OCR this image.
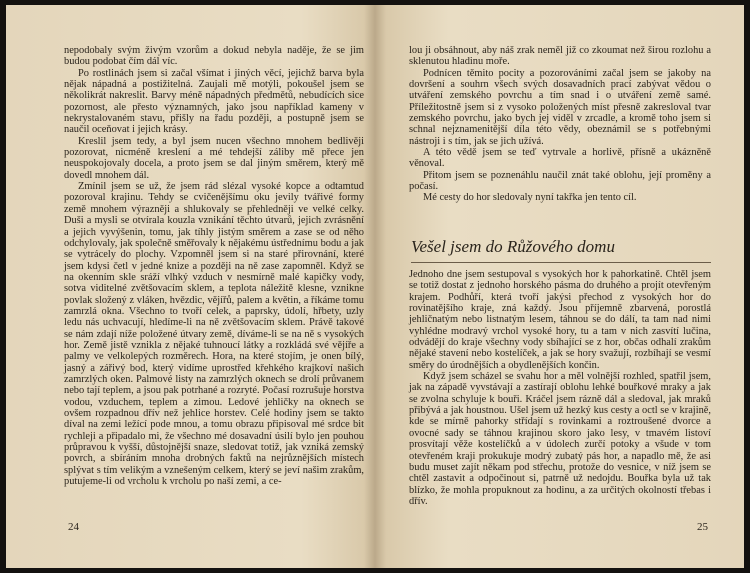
nepodobaly svým živým vzorům a dokud nebyla naděje, že se jim budou podobat čím dál víc.

Po rostlinách jsem si začal všímat i jiných věcí, jejichž barva byla nějak nápadná a postižitelná. Zaujali mě motýli, pokoušel jsem se několikrát nakreslit. Barvy méně nápadných předmětů, nebudících sice pozornost, ale přesto významných, jako jsou například kameny v nekrystalovaném stavu, přišly na řadu později, a postupně jsem se naučil oceňovat i jejich krásy.

Kreslil jsem tedy, a byl jsem nucen všechno mnohem bedlivěji pozorovat, nicméně kreslení a mé tehdejší záliby mě přece jen neuspokojovaly docela, a proto jsem se dal jiným směrem, který mě dovedl mnohem dál.

Zmínil jsem se už, že jsem rád slézal vysoké kopce a odtamtud pozoroval krajinu. Tehdy se cvičenějšímu oku jevily tvářivé formy země mnohem výrazněji a shlukovaly se přehledněji ve velké celky. Duši a mysli se otvírala kouzla vznikání těchto útvarů, jejich zvrásnění a jejich vyvýšenin, tomu, jak tíhly jistým směrem a zase se od něho odchylovaly, jak společně směřovaly k nějakému ústřednímu bodu a jak se vytrácely do plochy. Vzpomněl jsem si na staré přirovnání, které jsem kdysi četl v jedné knize a později na ně zase zapomněl. Když se na okenním skle sráží vlhký vzduch v nesmírně malé kapičky vody, sotva viditelné zvětšovacím sklem, a teplota náležitě klesne, vznikne povlak složený z vláken, hvězdic, vějířů, palem a květin, a říkáme tomu zamrzlá okna. Všechno to tvoří celek, a paprsky, údolí, hřbety, uzly ledu nás uchvacují, hledíme-li na ně zvětšovacím sklem. Právě takové se nám zdají níže položené útvary země, díváme-li se na ně s vysokých hor. Země jistě vznikla z nějaké tuhnoucí látky a rozkládá své vějíře a palmy ve velkolepých rozměrech. Hora, na které stojím, je onen bílý, jasný a zářivý bod, který vidíme uprostřed křehkého krajkoví našich zamrzlých oken. Palmové listy na zamrzlých oknech se drolí průvanem nebo tají teplem, a jsou pak potrhané a rozryté. Počasí rozrušuje horstva vodou, vzduchem, teplem a zimou. Ledové jehličky na oknech se ovšem rozpadnou dřív než jehlice horstev. Celé hodiny jsem se takto díval na zemi ležící pode mnou, a tomu obrazu připisoval mé srdce bit rychleji a připadalo mi, že všechno mé dosavadní úsilí bylo jen pouhou průpravou k vyšší, důstojnější snaze, sledovat totiž, jak vzniká zemský povrch, a sbíráním mnoha drobných faktů na nejrůznějších místech splývat s tím velikým a vznešeným celkem, který se jeví našim zrakům, putujeme-li od vrcholu k vrcholu po naší zemi, a ce-

24

lou ji obsáhnout, aby náš zrak neměl již co zkoumat než širou rozlohu a sklenutou hladinu moře.

Podnícen těmito pocity a pozorováními začal jsem se jakoby na dovršení a souhrn všech svých dosavadních prací zabývat vědou o utváření zemského povrchu a tím snad i o utváření země samé. Příležitostně jsem si z vysoko položených míst přesně zakresloval tvar zemského povrchu, jako bych jej viděl v zrcadle, a kromě toho jsem si schnal nejznamenitější díla této vědy, obeznámil se s potřebnými nástroji i s tím, jak se jich užívá.

A této vědě jsem se teď vytrvale a horlivě, přísně a ukázněně věnoval.

Přitom jsem se poznenáhlu naučil znát také oblohu, její proměny a počasí.

Mé cesty do hor sledovaly nyní takřka jen tento cíl.

Vešel jsem do Růžového domu

Jednoho dne jsem sestupoval s vysokých hor k pahorkatině. Chtěl jsem se totiž dostat z jednoho horského pásma do druhého a projít otevřeným krajem. Podhůří, která tvoří jakýsi přechod z vysokých hor do rovinatějšího kraje, zná každý. Jsou příjemně zbarvená, porostlá jehličnatým nebo listnatým lesem, táhnou se do dálí, ta tam nad nimi vyhlédne modravý vrchol vysoké hory, tu a tam v nich zasvítí lučina, odvádějí do kraje všechny vody sbíhající se z hor, občas odhalí zrakům nějaké stavení nebo kostelíček, a jak se hory svažují, rozbíhají se vesmí směry do úrodnějších a obydlenějších končin.

Když jsem scházel se svahu hor a měl volnější rozhled, spatřil jsem, jak na západě vyvstávají a zastírají oblohu lehké bouřkové mraky a jak se zvolna schyluje k bouři. Kráčel jsem rázně dál a sledoval, jak mraků přibývá a jak houstnou. Ušel jsem už hezký kus cesty a octl se v krajině, kde se mírně pahorky střídají s rovinkami a roztroušené dvorce a ovocné sady se táhnou krajinou skoro jako lesy, v tmavém listoví prosvítají věže kostelíčků a v údolech zurčí potoky a všude v tom otevřeném kraji prokukuje modrý zubatý pás hor, a napadlo mě, že asi budu muset zajít někam pod střechu, protože do vesnice, v níž jsem se chtěl zastavit a odpočinout si, patrně už nedojdu. Bouřka byla už tak blízko, že mohla propuknout za hodinu, a za určitých okolností třebas i dřív.

25
